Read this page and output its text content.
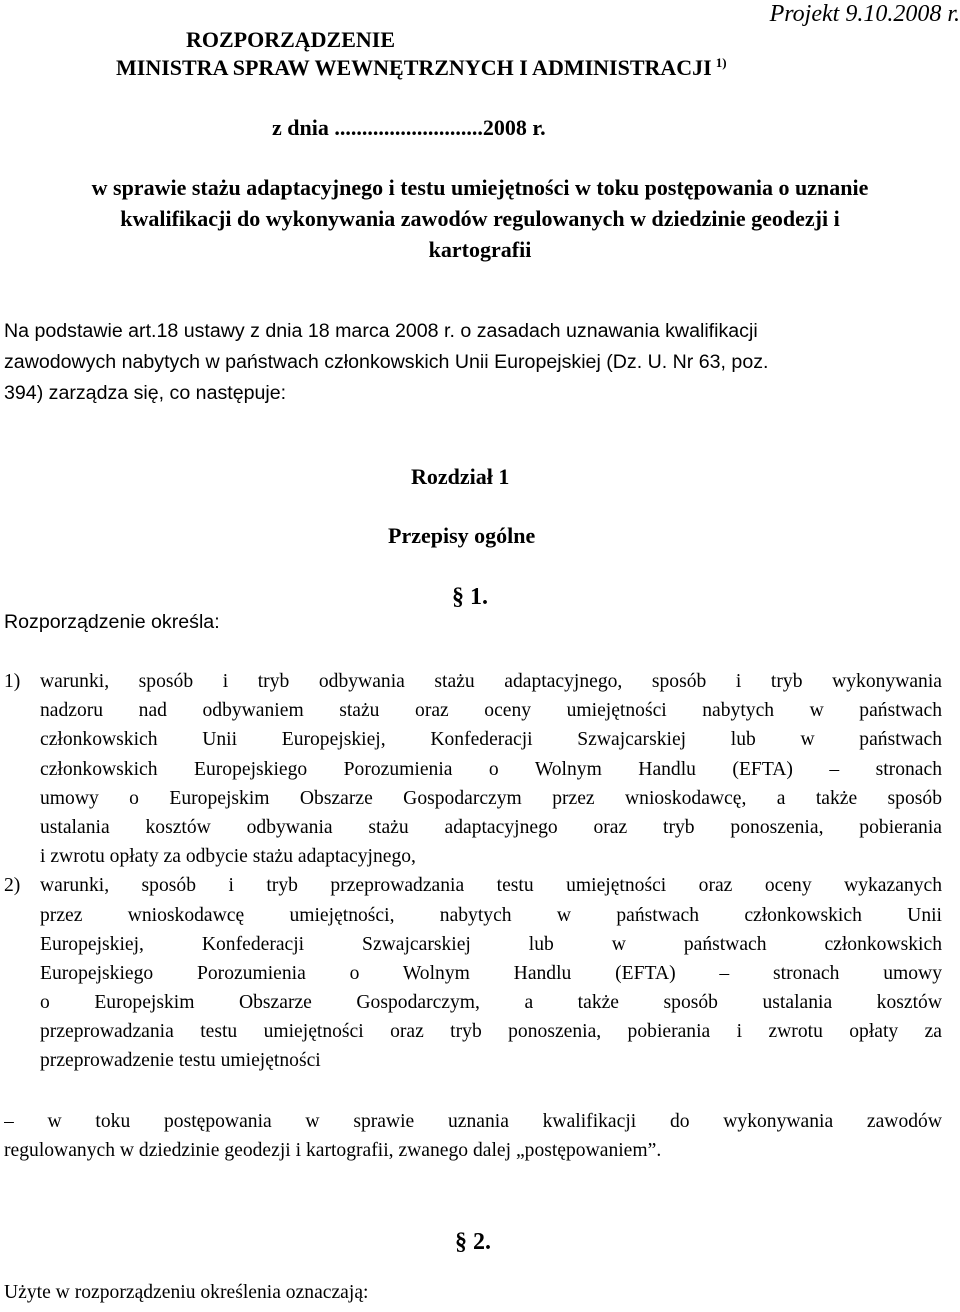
Projekt 9.10.2008 r.
ROZPORZĄDZENIE
MINISTRA SPRAW WEWNĘTRZNYCH I ADMINISTRACJI $^{1)}$
z dnia ...........................2008 r.
w sprawie stażu adaptacyjnego i testu umiejętności w toku postępowania o uznanie
kwalifikacji do wykonywania zawodów regulowanych w dziedzinie geodezji i
kartografii
Na podstawie art.18 ustawy z dnia 18 marca 2008 r. o zasadach uznawania kwalifikacji
zawodowych nabytych w państwach członkowskich Unii Europejskiej (Dz. U. Nr 63, poz.
394) zarządza się, co następuje:
Rozdział 1
Przepisy ogólne
§ 1.
Rozporządzenie określa:
1) warunki, sposób i tryb odbywania stażu adaptacyjnego, sposób i tryb wykonywania
nadzoru nad odbywaniem stażu oraz oceny umiejętności nabytych w państwach
członkowskich Unii Europejskiej, Konfederacji Szwajcarskiej lub w państwach
członkowskich Europejskiego Porozumienia o Wolnym Handlu (EFTA) – stronach
umowy o Europejskim Obszarze Gospodarczym przez wnioskodawcę, a także sposób
ustalania kosztów odbywania stażu adaptacyjnego oraz tryb ponoszenia, pobierania
i zwrotu opłaty za odbycie stażu adaptacyjnego,
2) warunki, sposób i tryb przeprowadzania testu umiejętności oraz oceny wykazanych
przez wnioskodawcę umiejętności, nabytych w państwach członkowskich Unii
Europejskiej, Konfederacji Szwajcarskiej lub w państwach członkowskich
Europejskiego Porozumienia o Wolnym Handlu (EFTA) – stronach umowy
o Europejskim Obszarze Gospodarczym, a także sposób ustalania kosztów
przeprowadzania testu umiejętności oraz tryb ponoszenia, pobierania i zwrotu opłaty za
przeprowadzenie testu umiejętności
– w toku postępowania w sprawie uznania kwalifikacji do wykonywania zawodów
regulowanych w dziedzinie geodezji i kartografii, zwanego dalej „postępowaniem”.
§ 2.
Użyte w rozporządzeniu określenia oznaczają:
